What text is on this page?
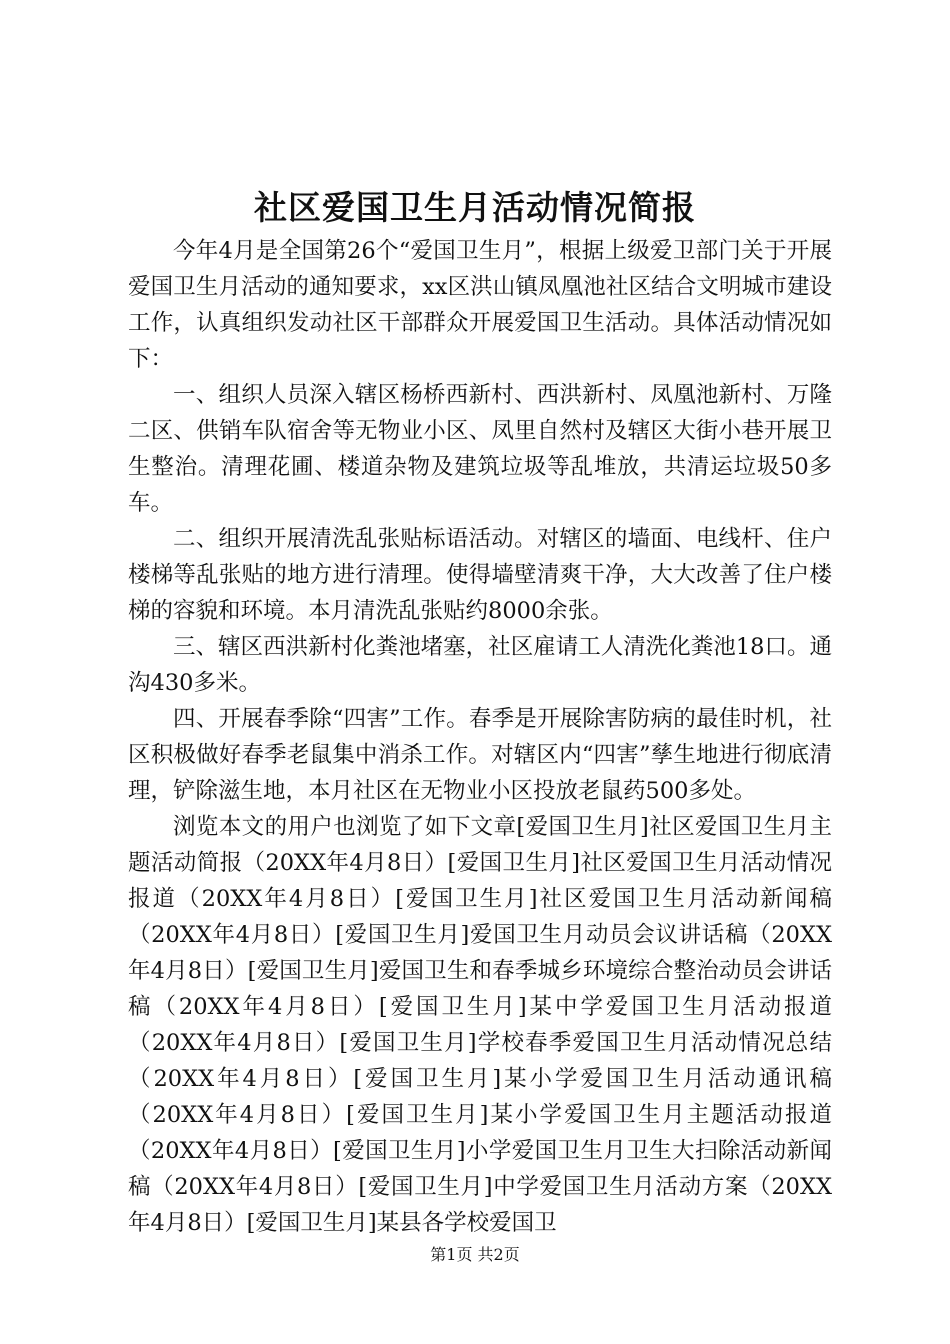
社区爱国卫生月活动情况简报

今年4月是全国第26个“爱国卫生月”，根据上级爱卫部门关于开展爱国卫生月活动的通知要求，xx区洪山镇凤凰池社区结合文明城市建设工作，认真组织发动社区干部群众开展爱国卫生活动。具体活动情况如下：

一、组织人员深入辖区杨桥西新村、西洪新村、凤凰池新村、万隆二区、供销车队宿舍等无物业小区、凤里自然村及辖区大街小巷开展卫生整治。清理花圃、楼道杂物及建筑垃圾等乱堆放，共清运垃圾50多车。

二、组织开展清洗乱张贴标语活动。对辖区的墙面、电线杆、住户楼梯等乱张贴的地方进行清理。使得墙壁清爽干净，大大改善了住户楼梯的容貌和环境。本月清洗乱张贴约8000余张。

三、辖区西洪新村化粪池堵塞，社区雇请工人清洗化粪池18口。通沟430多米。

四、开展春季除“四害”工作。春季是开展除害防病的最佳时机，社区积极做好春季老鼠集中消杀工作。对辖区内“四害”孳生地进行彻底清理，铲除滋生地，本月社区在无物业小区投放老鼠药500多处。

浏览本文的用户也浏览了如下文章[爱国卫生月]社区爱国卫生月主题活动简报（20XX年4月8日）[爱国卫生月]社区爱国卫生月活动情况报道（20XX年4月8日）[爱国卫生月]社区爱国卫生月活动新闻稿（20XX年4月8日）[爱国卫生月]爱国卫生月动员会议讲话稿（20XX年4月8日）[爱国卫生月]爱国卫生和春季城乡环境综合整治动员会讲话稿（20XX年4月8日）[爱国卫生月]某中学爱国卫生月活动报道（20XX年4月8日）[爱国卫生月]学校春季爱国卫生月活动情况总结（20XX年4月8日）[爱国卫生月]某小学爱国卫生月活动通讯稿（20XX年4月8日）[爱国卫生月]某小学爱国卫生月主题活动报道（20XX年4月8日）[爱国卫生月]小学爱国卫生月卫生大扫除活动新闻稿（20XX年4月8日）[爱国卫生月]中学爱国卫生月活动方案（20XX年4月8日）[爱国卫生月]某县各学校爱国卫

第1页 共2页
